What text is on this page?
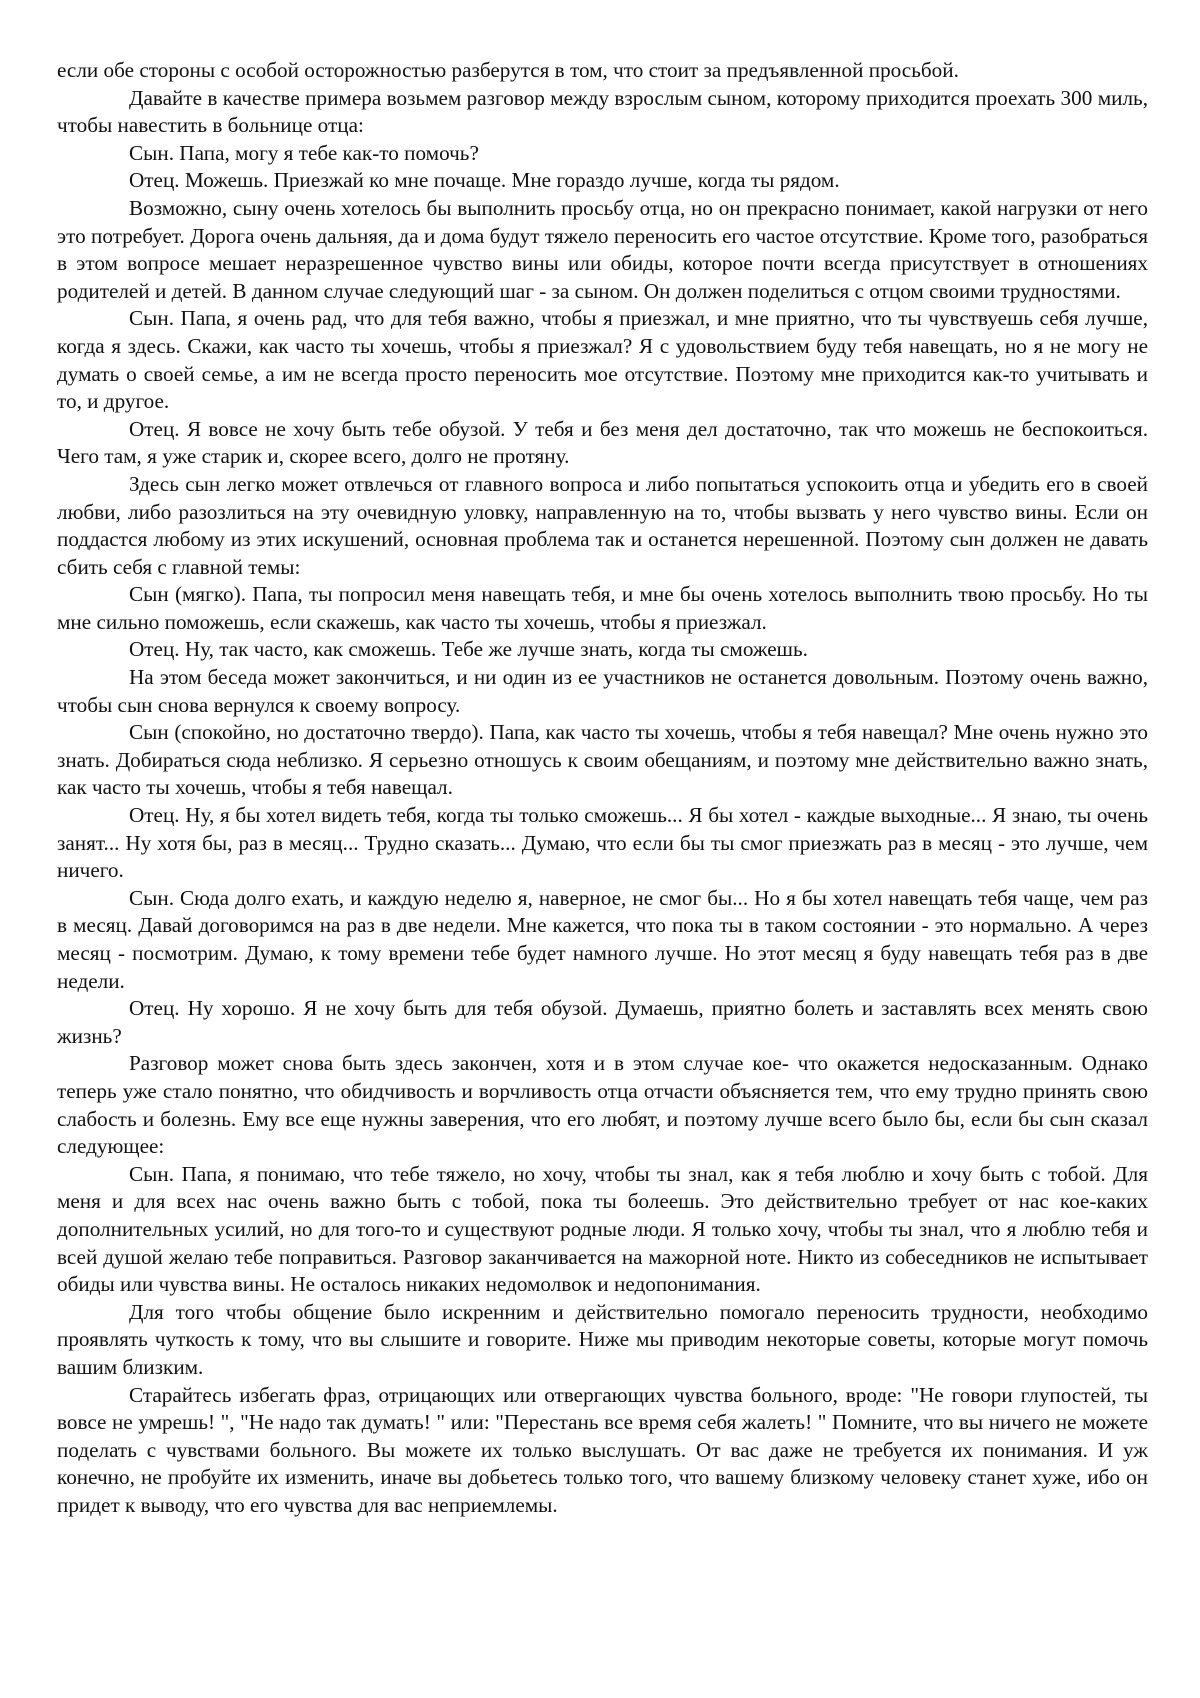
если обе стороны с особой осторожностью разберутся в том, что стоит за предъявленной просьбой.

Давайте в качестве примера возьмем разговор между взрослым сыном, которому приходится проехать 300 миль, чтобы навестить в больнице отца:

Сын. Папа, могу я тебе как-то помочь?

Отец. Можешь. Приезжай ко мне почаще. Мне гораздо лучше, когда ты рядом.

Возможно, сыну очень хотелось бы выполнить просьбу отца, но он прекрасно понимает, какой нагрузки от него это потребует. Дорога очень дальняя, да и дома будут тяжело переносить его частое отсутствие. Кроме того, разобраться в этом вопросе мешает неразрешенное чувство вины или обиды, которое почти всегда присутствует в отношениях родителей и детей. В данном случае следующий шаг - за сыном. Он должен поделиться с отцом своими трудностями.

Сын. Папа, я очень рад, что для тебя важно, чтобы я приезжал, и мне приятно, что ты чувствуешь себя лучше, когда я здесь. Скажи, как часто ты хочешь, чтобы я приезжал? Я с удовольствием буду тебя навещать, но я не могу не думать о своей семье, а им не всегда просто переносить мое отсутствие. Поэтому мне приходится как-то учитывать и то, и другое.

Отец. Я вовсе не хочу быть тебе обузой. У тебя и без меня дел достаточно, так что можешь не беспокоиться. Чего там, я уже старик и, скорее всего, долго не протяну.

Здесь сын легко может отвлечься от главного вопроса и либо попытаться успокоить отца и убедить его в своей любви, либо разозлиться на эту очевидную уловку, направленную на то, чтобы вызвать у него чувство вины. Если он поддастся любому из этих искушений, основная проблема так и останется нерешенной. Поэтому сын должен не давать сбить себя с главной темы:

Сын (мягко). Папа, ты попросил меня навещать тебя, и мне бы очень хотелось выполнить твою просьбу. Но ты мне сильно поможешь, если скажешь, как часто ты хочешь, чтобы я приезжал.

Отец. Ну, так часто, как сможешь. Тебе же лучше знать, когда ты сможешь.

На этом беседа может закончиться, и ни один из ее участников не останется довольным. Поэтому очень важно, чтобы сын снова вернулся к своему вопросу.

Сын (спокойно, но достаточно твердо). Папа, как часто ты хочешь, чтобы я тебя навещал? Мне очень нужно это знать. Добираться сюда неблизко. Я серьезно отношусь к своим обещаниям, и поэтому мне действительно важно знать, как часто ты хочешь, чтобы я тебя навещал.

Отец. Ну, я бы хотел видеть тебя, когда ты только сможешь... Я бы хотел - каждые выходные... Я знаю, ты очень занят... Ну хотя бы, раз в месяц... Трудно сказать... Думаю, что если бы ты смог приезжать раз в месяц - это лучше, чем ничего.

Сын. Сюда долго ехать, и каждую неделю я, наверное, не смог бы... Но я бы хотел навещать тебя чаще, чем раз в месяц. Давай договоримся на раз в две недели. Мне кажется, что пока ты в таком состоянии - это нормально. А через месяц - посмотрим. Думаю, к тому времени тебе будет намного лучше. Но этот месяц я буду навещать тебя раз в две недели.

Отец. Ну хорошо. Я не хочу быть для тебя обузой. Думаешь, приятно болеть и заставлять всех менять свою жизнь?

Разговор может снова быть здесь закончен, хотя и в этом случае кое- что окажется недосказанным. Однако теперь уже стало понятно, что обидчивость и ворчливость отца отчасти объясняется тем, что ему трудно принять свою слабость и болезнь. Ему все еще нужны заверения, что его любят, и поэтому лучше всего было бы, если бы сын сказал следующее:

Сын. Папа, я понимаю, что тебе тяжело, но хочу, чтобы ты знал, как я тебя люблю и хочу быть с тобой. Для меня и для всех нас очень важно быть с тобой, пока ты болеешь. Это действительно требует от нас кое-каких дополнительных усилий, но для того-то и существуют родные люди. Я только хочу, чтобы ты знал, что я люблю тебя и всей душой желаю тебе поправиться. Разговор заканчивается на мажорной ноте. Никто из собеседников не испытывает обиды или чувства вины. Не осталось никаких недомолвок и недопонимания.

Для того чтобы общение было искренним и действительно помогало переносить трудности, необходимо проявлять чуткость к тому, что вы слышите и говорите. Ниже мы приводим некоторые советы, которые могут помочь вашим близким.

Старайтесь избегать фраз, отрицающих или отвергающих чувства больного, вроде: "Не говори глупостей, ты вовсе не умрешь! ", "Не надо так думать! " или: "Перестань все время себя жалеть! " Помните, что вы ничего не можете поделать с чувствами больного. Вы можете их только выслушать. От вас даже не требуется их понимания. И уж конечно, не пробуйте их изменить, иначе вы добьетесь только того, что вашему близкому человеку станет хуже, ибо он придет к выводу, что его чувства для вас неприемлемы.
